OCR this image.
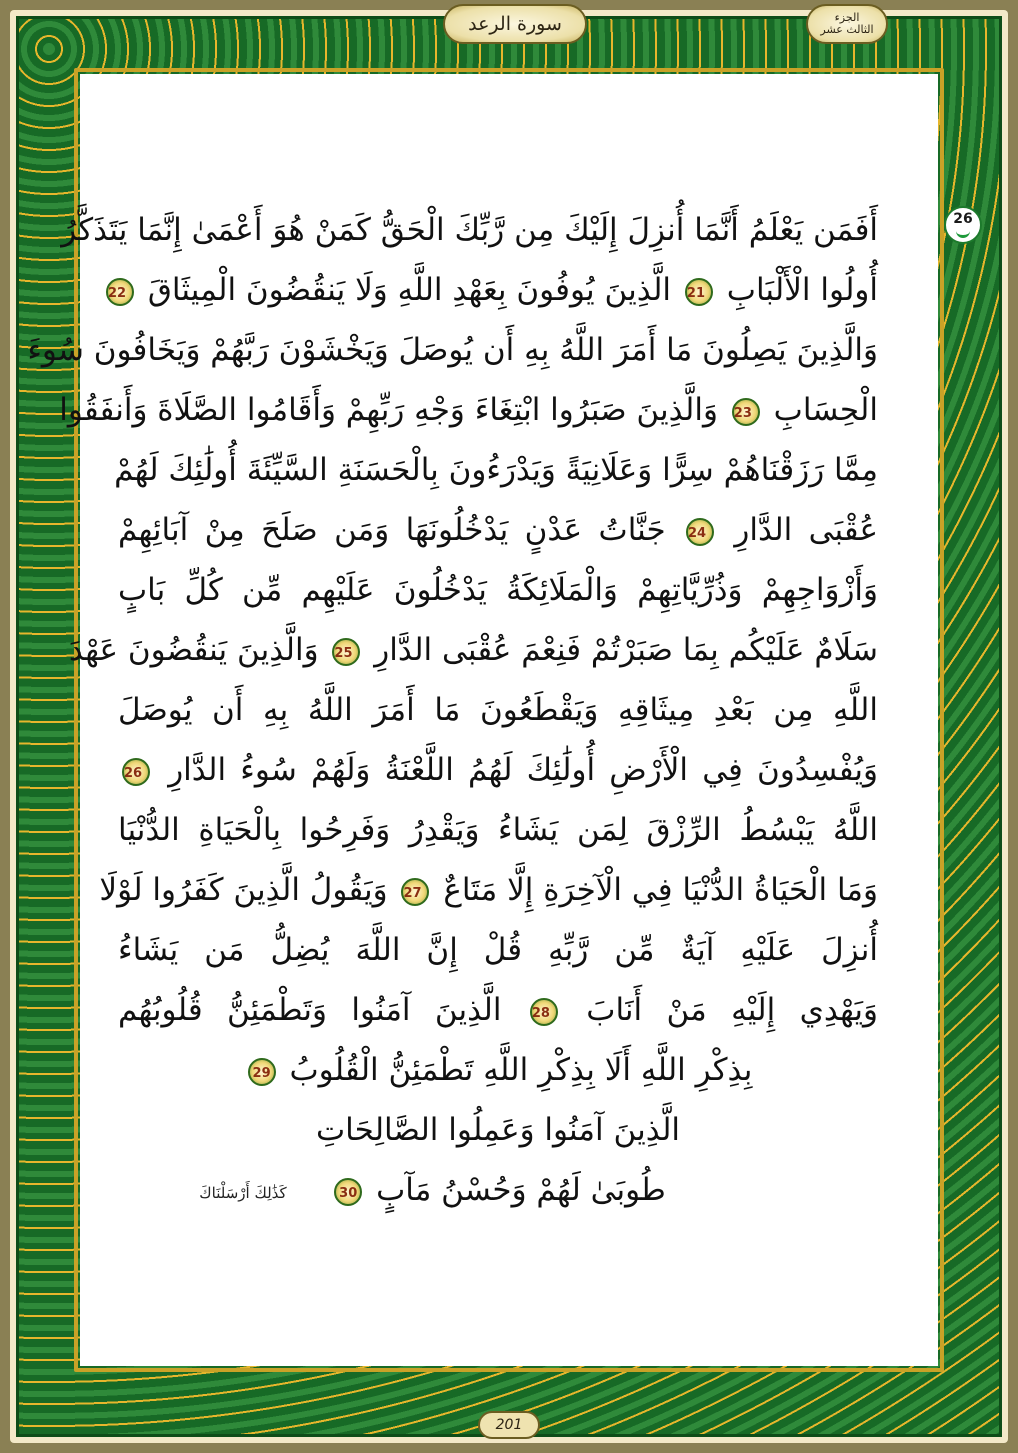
سورة الرعد	الجزء
الثالث عشر
26
أَفَمَن يَعْلَمُ أَنَّمَا أُنزِلَ إِلَيْكَ مِن رَّبِّكَ الْحَقُّ كَمَنْ هُوَ أَعْمَىٰ إِنَّمَا يَتَذَكَّرُ
أُولُوا الْأَلْبَابِ 21 الَّذِينَ يُوفُونَ بِعَهْدِ اللَّهِ وَلَا يَنقُضُونَ الْمِيثَاقَ 22
وَالَّذِينَ يَصِلُونَ مَا أَمَرَ اللَّهُ بِهِ أَن يُوصَلَ وَيَخْشَوْنَ رَبَّهُمْ وَيَخَافُونَ سُوءَ
الْحِسَابِ 23 وَالَّذِينَ صَبَرُوا ابْتِغَاءَ وَجْهِ رَبِّهِمْ وَأَقَامُوا الصَّلَاةَ وَأَنفَقُوا
مِمَّا رَزَقْنَاهُمْ سِرًّا وَعَلَانِيَةً وَيَدْرَءُونَ بِالْحَسَنَةِ السَّيِّئَةَ أُولَٰئِكَ لَهُمْ
عُقْبَى الدَّارِ 24 جَنَّاتُ عَدْنٍ يَدْخُلُونَهَا وَمَن صَلَحَ مِنْ آبَائِهِمْ
وَأَزْوَاجِهِمْ وَذُرِّيَّاتِهِمْ وَالْمَلَائِكَةُ يَدْخُلُونَ عَلَيْهِم مِّن كُلِّ بَابٍ
سَلَامٌ عَلَيْكُم بِمَا صَبَرْتُمْ فَنِعْمَ عُقْبَى الدَّارِ 25 وَالَّذِينَ يَنقُضُونَ عَهْدَ
اللَّهِ مِن بَعْدِ مِيثَاقِهِ وَيَقْطَعُونَ مَا أَمَرَ اللَّهُ بِهِ أَن يُوصَلَ
وَيُفْسِدُونَ فِي الْأَرْضِ أُولَٰئِكَ لَهُمُ اللَّعْنَةُ وَلَهُمْ سُوءُ الدَّارِ 26
اللَّهُ يَبْسُطُ الرِّزْقَ لِمَن يَشَاءُ وَيَقْدِرُ وَفَرِحُوا بِالْحَيَاةِ الدُّنْيَا
وَمَا الْحَيَاةُ الدُّنْيَا فِي الْآخِرَةِ إِلَّا مَتَاعٌ 27 وَيَقُولُ الَّذِينَ كَفَرُوا لَوْلَا
أُنزِلَ عَلَيْهِ آيَةٌ مِّن رَّبِّهِ قُلْ إِنَّ اللَّهَ يُضِلُّ مَن يَشَاءُ
وَيَهْدِي إِلَيْهِ مَنْ أَنَابَ 28 الَّذِينَ آمَنُوا وَتَطْمَئِنُّ قُلُوبُهُم
بِذِكْرِ اللَّهِ أَلَا بِذِكْرِ اللَّهِ تَطْمَئِنُّ الْقُلُوبُ 29
الَّذِينَ آمَنُوا وَعَمِلُوا الصَّالِحَاتِ
طُوبَىٰ لَهُمْ وَحُسْنُ مَآبٍ 30
كَذَٰلِكَ أَرْسَلْنَاكَ
201
